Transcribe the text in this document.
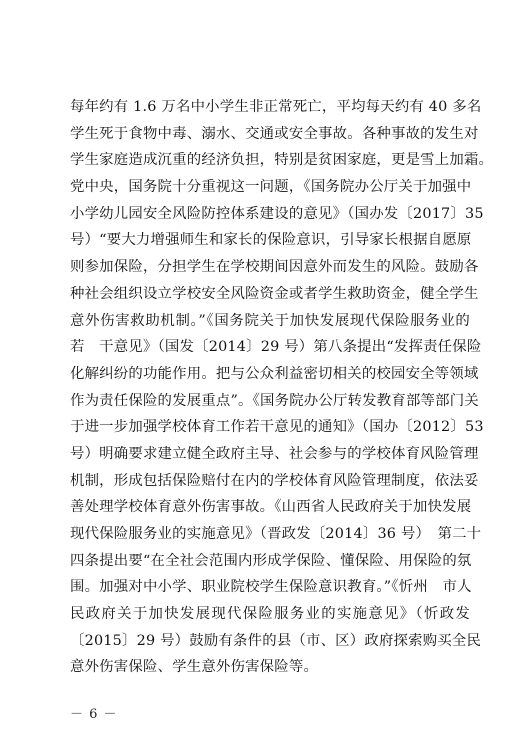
每年约有 1.6 万名中小学生非正常死亡，平均每天约有 40 多名
学生死于食物中毒、溺水、交通或安全事故。各种事故的发生对
学生家庭造成沉重的经济负担，特别是贫困家庭，更是雪上加霜。
党中央，国务院十分重视这一问题，《国务院办公厅关于加强中
小学幼儿园安全风险防控体系建设的意见》（国办发〔2017〕35
号）“要大力增强师生和家长的保险意识，引导家长根据自愿原
则参加保险，分担学生在学校期间因意外而发生的风险。鼓励各
种社会组织设立学校安全风险资金或者学生救助资金，健全学生
意外伤害救助机制。”《国务院关于加快发展现代保险服务业的
若　干意见》（国发〔2014〕29 号）第八条提出“发挥责任保险
化解纠纷的功能作用。把与公众利益密切相关的校园安全等领域
作为责任保险的发展重点”。《国务院办公厅转发教育部等部门关
于进一步加强学校体育工作若干意见的通知》（国办〔2012〕53
号）明确要求建立健全政府主导、社会参与的学校体育风险管理
机制，形成包括保险赔付在内的学校体育风险管理制度，依法妥
善处理学校体育意外伤害事故。《山西省人民政府关于加快发展
现代保险服务业的实施意见》（晋政发〔2014〕36 号）　第二十
四条提出要“在全社会范围内形成学保险、懂保险、用保险的氛
围。加强对中小学、职业院校学生保险意识教育。”《忻州　市人
民政府关于加快发展现代保险服务业的实施意见》（忻政发
〔2015〕29 号）鼓励有条件的县（市、区）政府探索购买全民
意外伤害保险、学生意外伤害保险等。
－ 6 －
